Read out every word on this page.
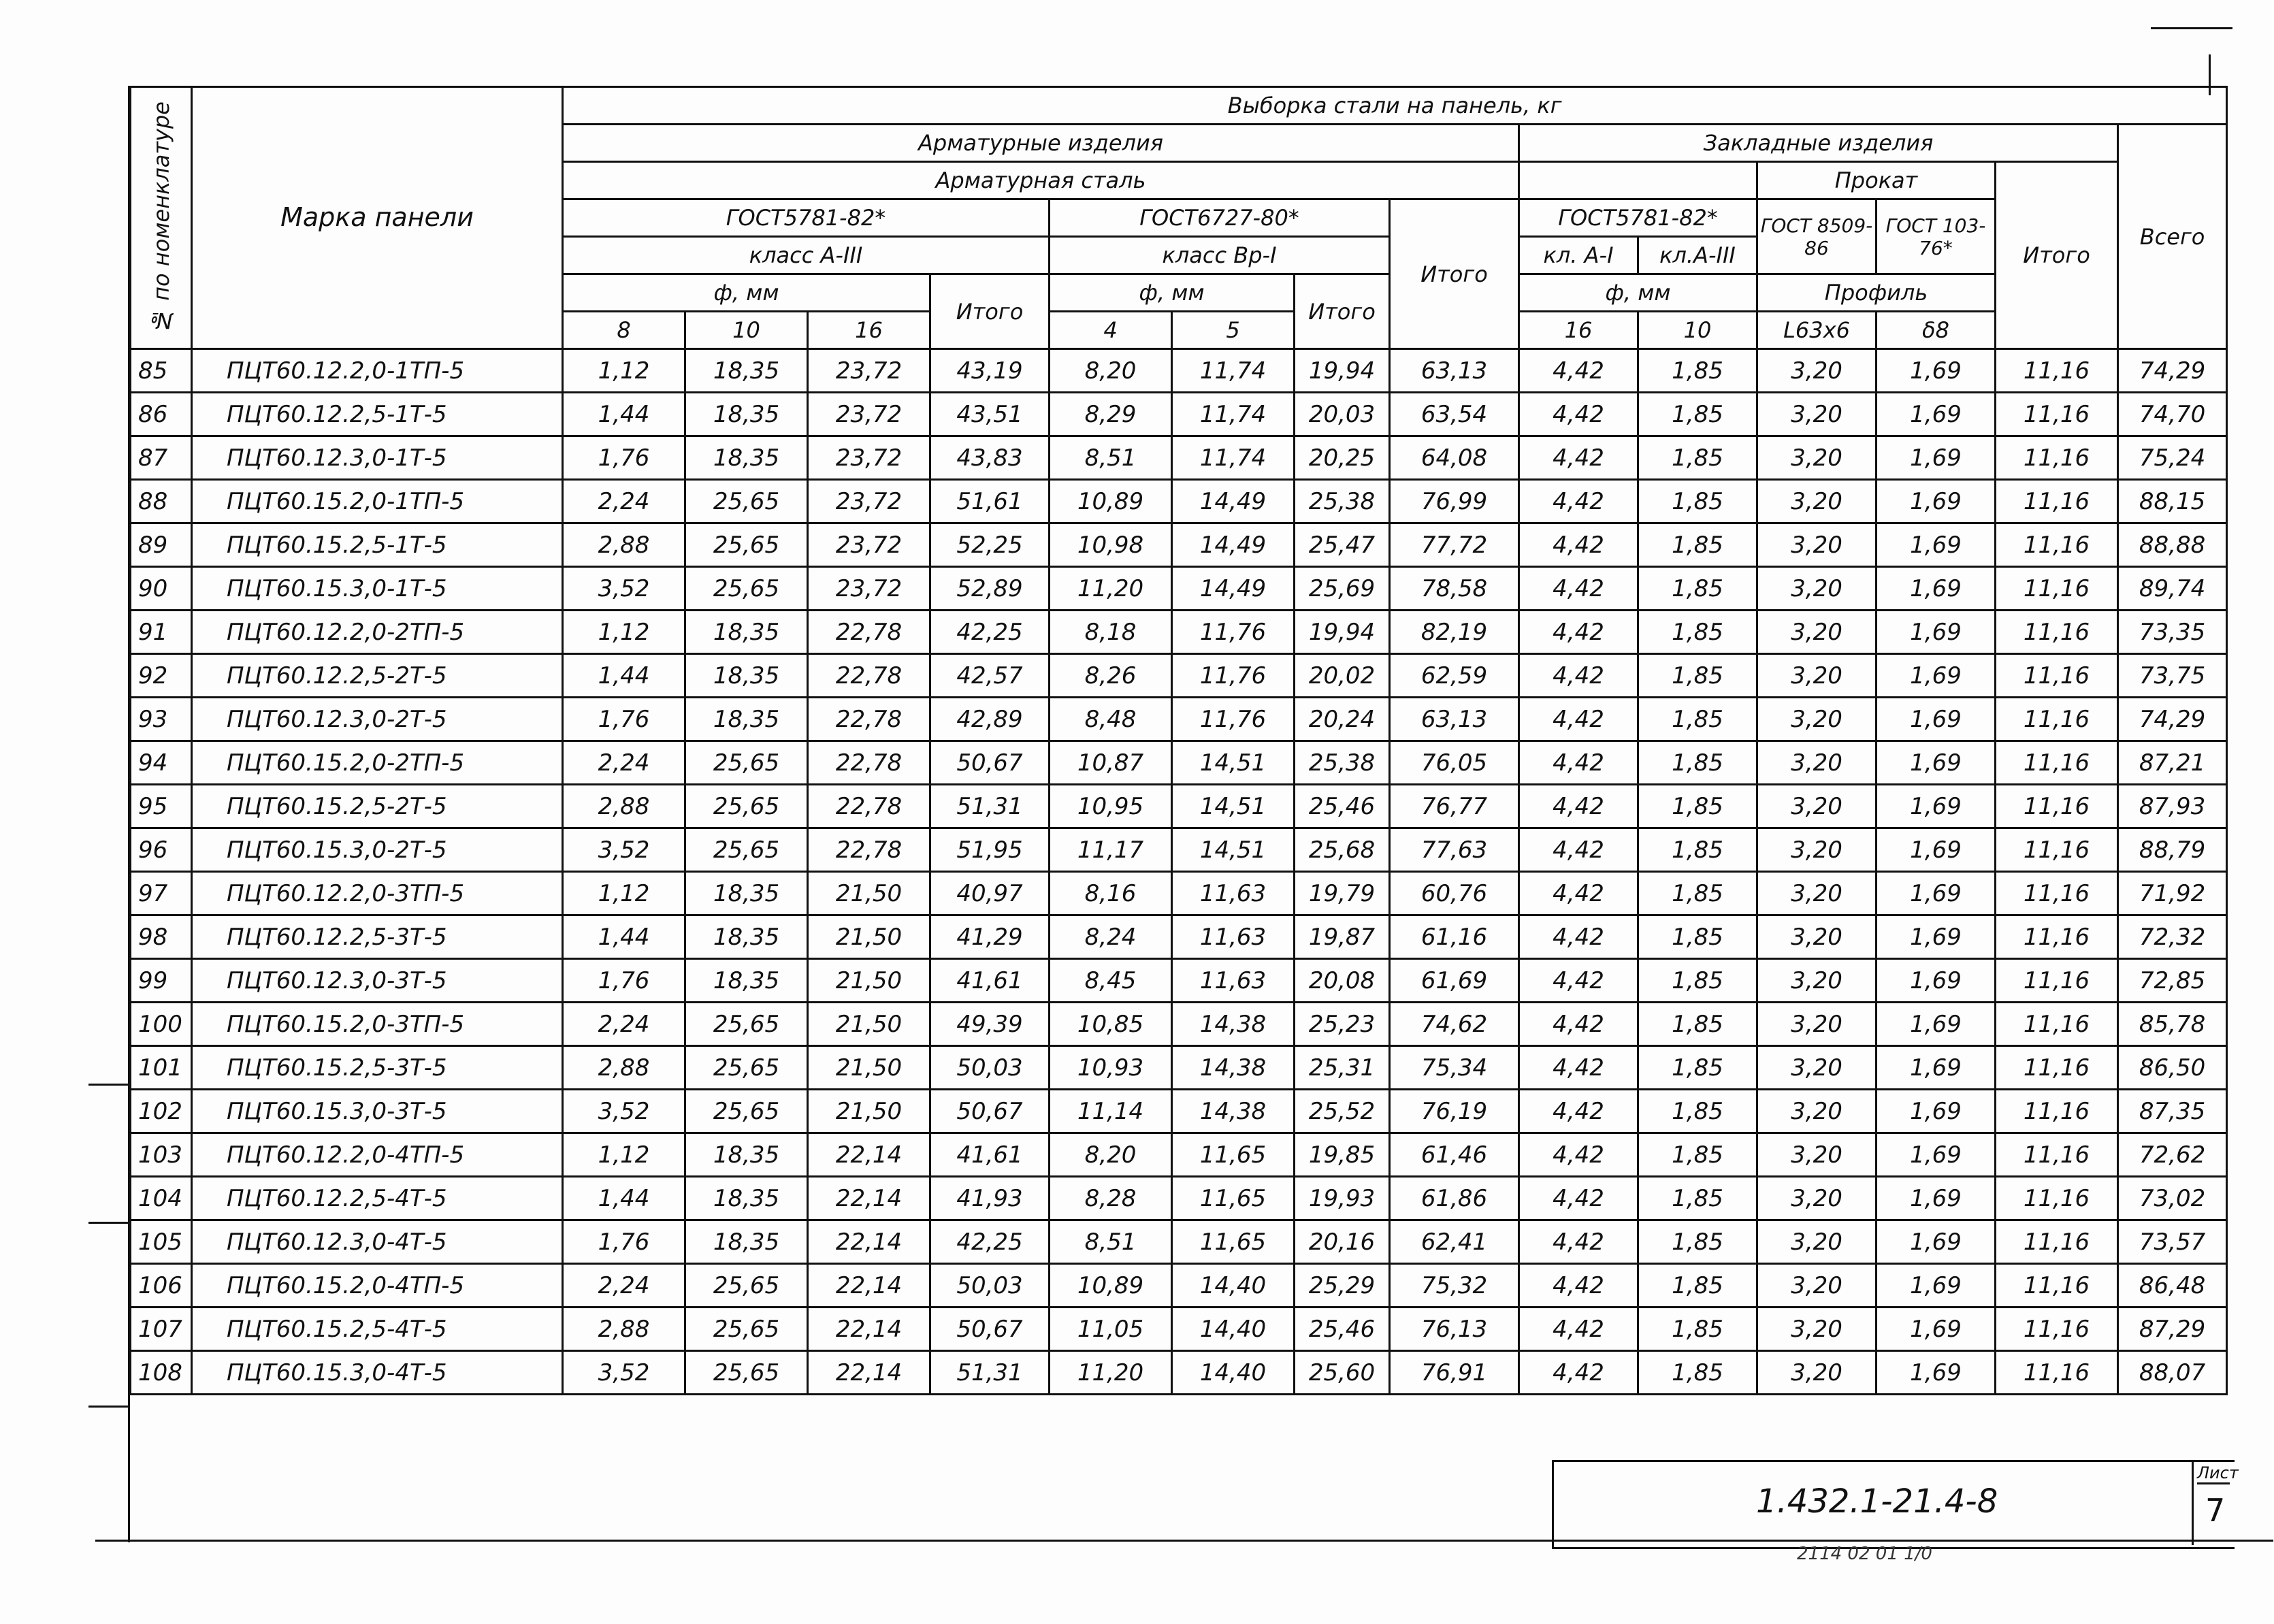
№ по номенклатуре	Марка панели	Выборка стали на панель, кг													
		Арматурные изделия								Закладные изделия					Всего
		Арматурная сталь										Прокат		Итого	
		ГОСТ5781-82*				ГОСТ6727-80*			Итого	ГОСТ5781-82*		ГОСТ 8509-86	ГОСТ 103-76*		
		класс А-III				класс Вр-I				кл. А-I	кл.А-III				
		ф, мм			Итого	ф, мм		Итого		ф, мм		Профиль			
		8	10	16		4	5			16	10	L63x6	δ8		
85	ПЦТ60.12.2,0-1ТП-5	1,12	18,35	23,72	43,19	8,20	11,74	19,94	63,13	4,42	1,85	3,20	1,69	11,16	74,29
86	ПЦТ60.12.2,5-1Т-5	1,44	18,35	23,72	43,51	8,29	11,74	20,03	63,54	4,42	1,85	3,20	1,69	11,16	74,70
87	ПЦТ60.12.3,0-1Т-5	1,76	18,35	23,72	43,83	8,51	11,74	20,25	64,08	4,42	1,85	3,20	1,69	11,16	75,24
88	ПЦТ60.15.2,0-1ТП-5	2,24	25,65	23,72	51,61	10,89	14,49	25,38	76,99	4,42	1,85	3,20	1,69	11,16	88,15
89	ПЦТ60.15.2,5-1Т-5	2,88	25,65	23,72	52,25	10,98	14,49	25,47	77,72	4,42	1,85	3,20	1,69	11,16	88,88
90	ПЦТ60.15.3,0-1Т-5	3,52	25,65	23,72	52,89	11,20	14,49	25,69	78,58	4,42	1,85	3,20	1,69	11,16	89,74
91	ПЦТ60.12.2,0-2ТП-5	1,12	18,35	22,78	42,25	8,18	11,76	19,94	82,19	4,42	1,85	3,20	1,69	11,16	73,35
92	ПЦТ60.12.2,5-2Т-5	1,44	18,35	22,78	42,57	8,26	11,76	20,02	62,59	4,42	1,85	3,20	1,69	11,16	73,75
93	ПЦТ60.12.3,0-2Т-5	1,76	18,35	22,78	42,89	8,48	11,76	20,24	63,13	4,42	1,85	3,20	1,69	11,16	74,29
94	ПЦТ60.15.2,0-2ТП-5	2,24	25,65	22,78	50,67	10,87	14,51	25,38	76,05	4,42	1,85	3,20	1,69	11,16	87,21
95	ПЦТ60.15.2,5-2Т-5	2,88	25,65	22,78	51,31	10,95	14,51	25,46	76,77	4,42	1,85	3,20	1,69	11,16	87,93
96	ПЦТ60.15.3,0-2Т-5	3,52	25,65	22,78	51,95	11,17	14,51	25,68	77,63	4,42	1,85	3,20	1,69	11,16	88,79
97	ПЦТ60.12.2,0-3ТП-5	1,12	18,35	21,50	40,97	8,16	11,63	19,79	60,76	4,42	1,85	3,20	1,69	11,16	71,92
98	ПЦТ60.12.2,5-3Т-5	1,44	18,35	21,50	41,29	8,24	11,63	19,87	61,16	4,42	1,85	3,20	1,69	11,16	72,32
99	ПЦТ60.12.3,0-3Т-5	1,76	18,35	21,50	41,61	8,45	11,63	20,08	61,69	4,42	1,85	3,20	1,69	11,16	72,85
100	ПЦТ60.15.2,0-3ТП-5	2,24	25,65	21,50	49,39	10,85	14,38	25,23	74,62	4,42	1,85	3,20	1,69	11,16	85,78
101	ПЦТ60.15.2,5-3Т-5	2,88	25,65	21,50	50,03	10,93	14,38	25,31	75,34	4,42	1,85	3,20	1,69	11,16	86,50
102	ПЦТ60.15.3,0-3Т-5	3,52	25,65	21,50	50,67	11,14	14,38	25,52	76,19	4,42	1,85	3,20	1,69	11,16	87,35
103	ПЦТ60.12.2,0-4ТП-5	1,12	18,35	22,14	41,61	8,20	11,65	19,85	61,46	4,42	1,85	3,20	1,69	11,16	72,62
104	ПЦТ60.12.2,5-4Т-5	1,44	18,35	22,14	41,93	8,28	11,65	19,93	61,86	4,42	1,85	3,20	1,69	11,16	73,02
105	ПЦТ60.12.3,0-4Т-5	1,76	18,35	22,14	42,25	8,51	11,65	20,16	62,41	4,42	1,85	3,20	1,69	11,16	73,57
106	ПЦТ60.15.2,0-4ТП-5	2,24	25,65	22,14	50,03	10,89	14,40	25,29	75,32	4,42	1,85	3,20	1,69	11,16	86,48
107	ПЦТ60.15.2,5-4Т-5	2,88	25,65	22,14	50,67	11,05	14,40	25,46	76,13	4,42	1,85	3,20	1,69	11,16	87,29
108	ПЦТ60.15.3,0-4Т-5	3,52	25,65	22,14	51,31	11,20	14,40	25,60	76,91	4,42	1,85	3,20	1,69	11,16	88,07
1.432.1-21.4-8
Лист
7
2114 02 01 1/0
